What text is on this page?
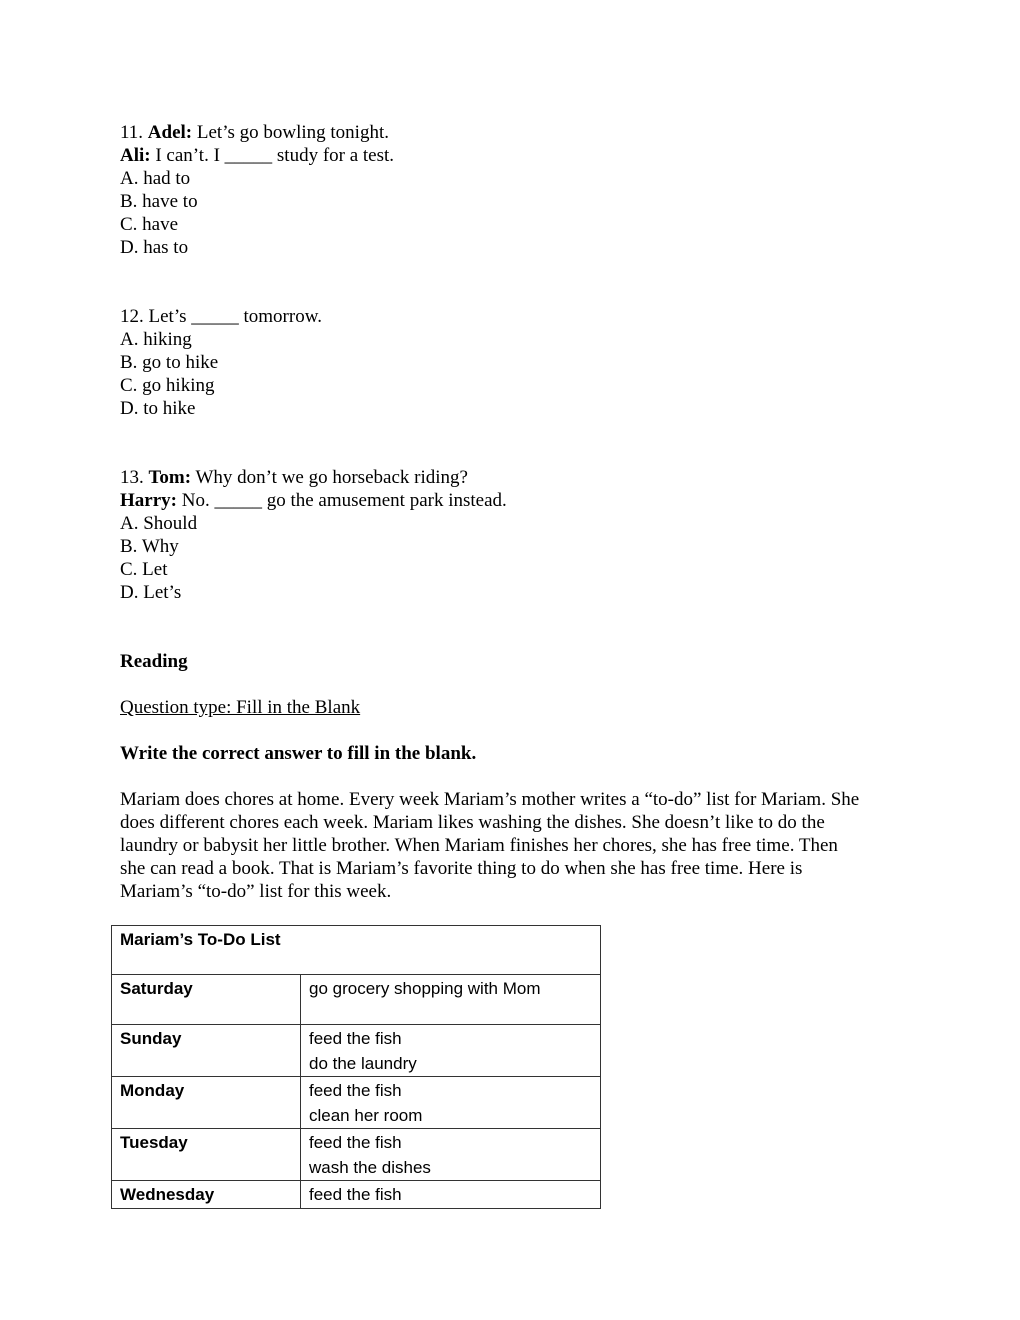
11. Adel: Let’s go bowling tonight.
Ali: I can’t. I _____ study for a test.
A. had to
B. have to
C. have
D. has to
12. Let’s _____ tomorrow.
A. hiking
B. go to hike
C. go hiking
D. to hike
13. Tom: Why don’t we go horseback riding?
Harry: No. _____ go the amusement park instead.
A. Should
B. Why
C. Let
D. Let’s
Reading
Question type: Fill in the Blank
Write the correct answer to fill in the blank.
Mariam does chores at home. Every week Mariam’s mother writes a “to-do” list for Mariam. She
does different chores each week. Mariam likes washing the dishes. She doesn’t like to do the
laundry or babysit her little brother. When Mariam finishes her chores, she has free time. Then
she can read a book. That is Mariam’s favorite thing to do when she has free time. Here is
Mariam’s “to-do” list for this week.
Mariam’s To-Do List	
Saturday	go grocery shopping with Mom

Sunday	feed the fish
do the laundry

Monday	feed the fish
clean her room

Tuesday	feed the fish
wash the dishes

Wednesday	feed the fish
